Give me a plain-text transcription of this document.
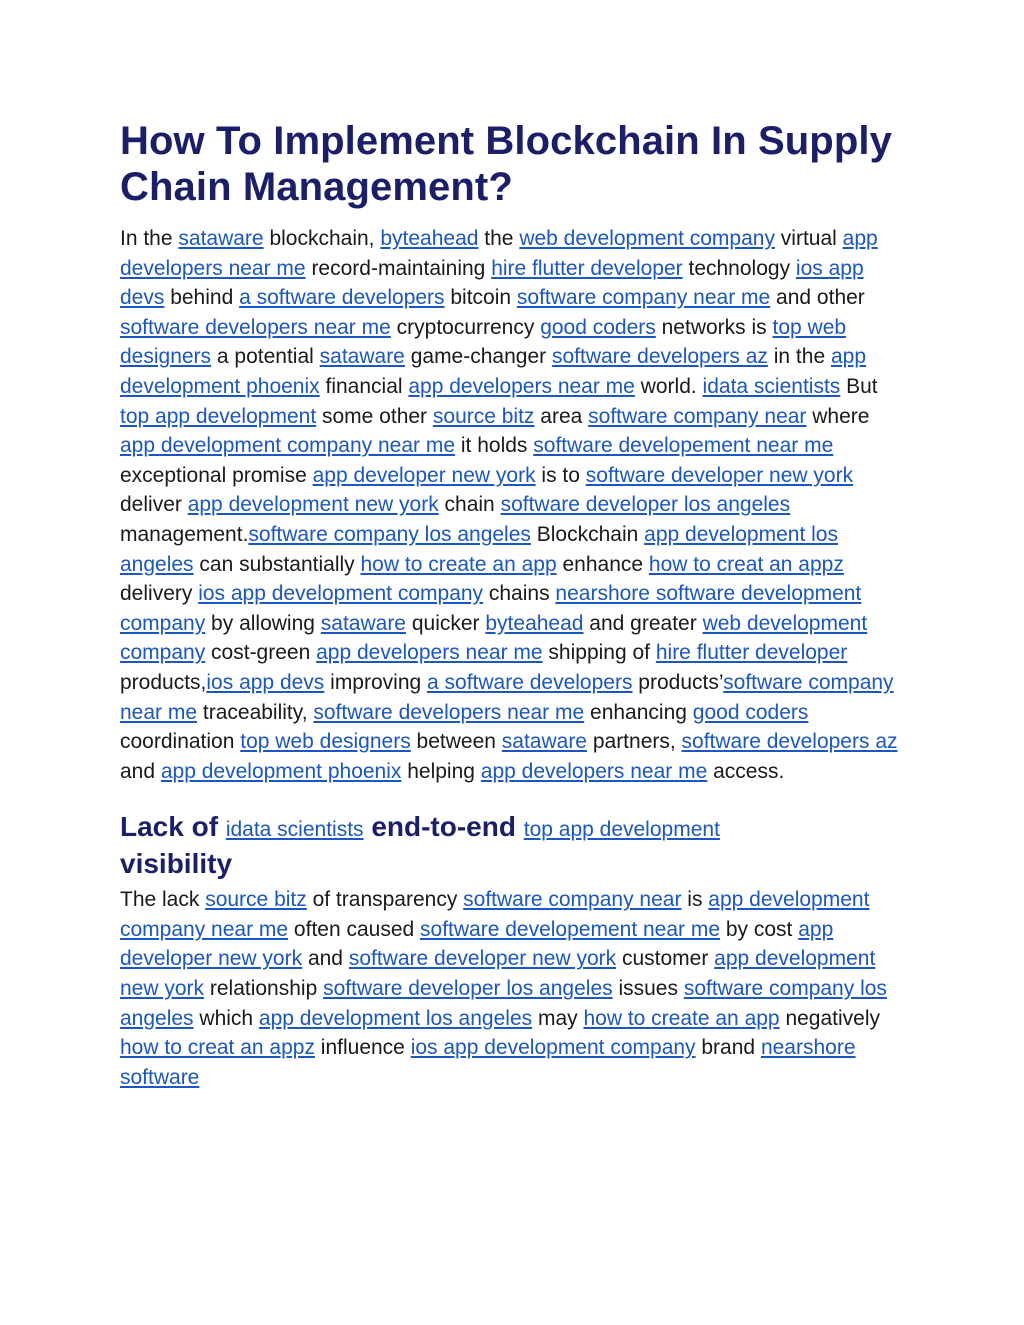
How To Implement Blockchain In Supply Chain Management?

In the sataware blockchain, byteahead the web development company virtual app developers near me record-maintaining hire flutter developer technology ios app devs behind a software developers bitcoin software company near me and other software developers near me cryptocurrency good coders networks is top web designers a potential sataware game-changer software developers az in the app development phoenix financial app developers near me world. idata scientists But top app development some other source bitz area software company near where app development company near me it holds software developement near me exceptional promise app developer new york is to software developer new york deliver app development new york chain software developer los angeles management.software company los angeles Blockchain app development los angeles can substantially how to create an app enhance how to creat an appz delivery ios app development company chains nearshore software development company by allowing sataware quicker byteahead and greater web development company cost-green app developers near me shipping of hire flutter developer products,ios app devs improving a software developers products’software company near me traceability, software developers near me enhancing good coders coordination top web designers between sataware partners, software developers az and app development phoenix helping app developers near me access.

Lack of idata scientists end-to-end top app development
visibility

The lack source bitz of transparency software company near is app development company near me often caused software developement near me by cost app developer new york and software developer new york customer app development new york relationship software developer los angeles issues software company los angeles which app development los angeles may how to create an app negatively how to creat an appz influence ios app development company brand nearshore software
